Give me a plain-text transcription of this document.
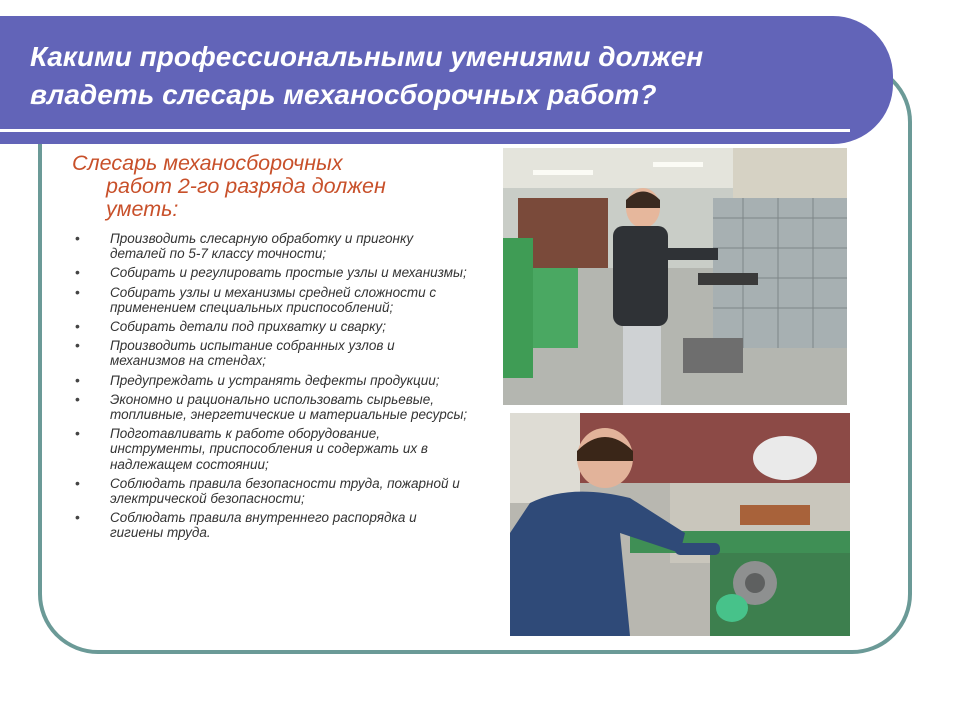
Какими профессиональными умениями должен
владеть слесарь механосборочных работ?
Слесарь механосборочных
работ 2-го разряда должен
уметь:
• Производить слесарную обработку и пригонку деталей по 5-7 классу точности;
• Собирать и регулировать простые узлы и механизмы;
• Собирать узлы и механизмы средней сложности с применением специальных приспособлений;
• Собирать детали под прихватку и сварку;
• Производить испытание собранных узлов и механизмов на стендах;
• Предупреждать и устранять дефекты продукции;
• Экономно и рационально использовать сырьевые, топливные, энергетические и материальные ресурсы;
• Подготавливать к работе оборудование, инструменты, приспособления и содержать их в надлежащем состоянии;
• Соблюдать правила безопасности труда, пожарной и электрической безопасности;
• Соблюдать правила внутреннего распорядка и гигиены труда.
